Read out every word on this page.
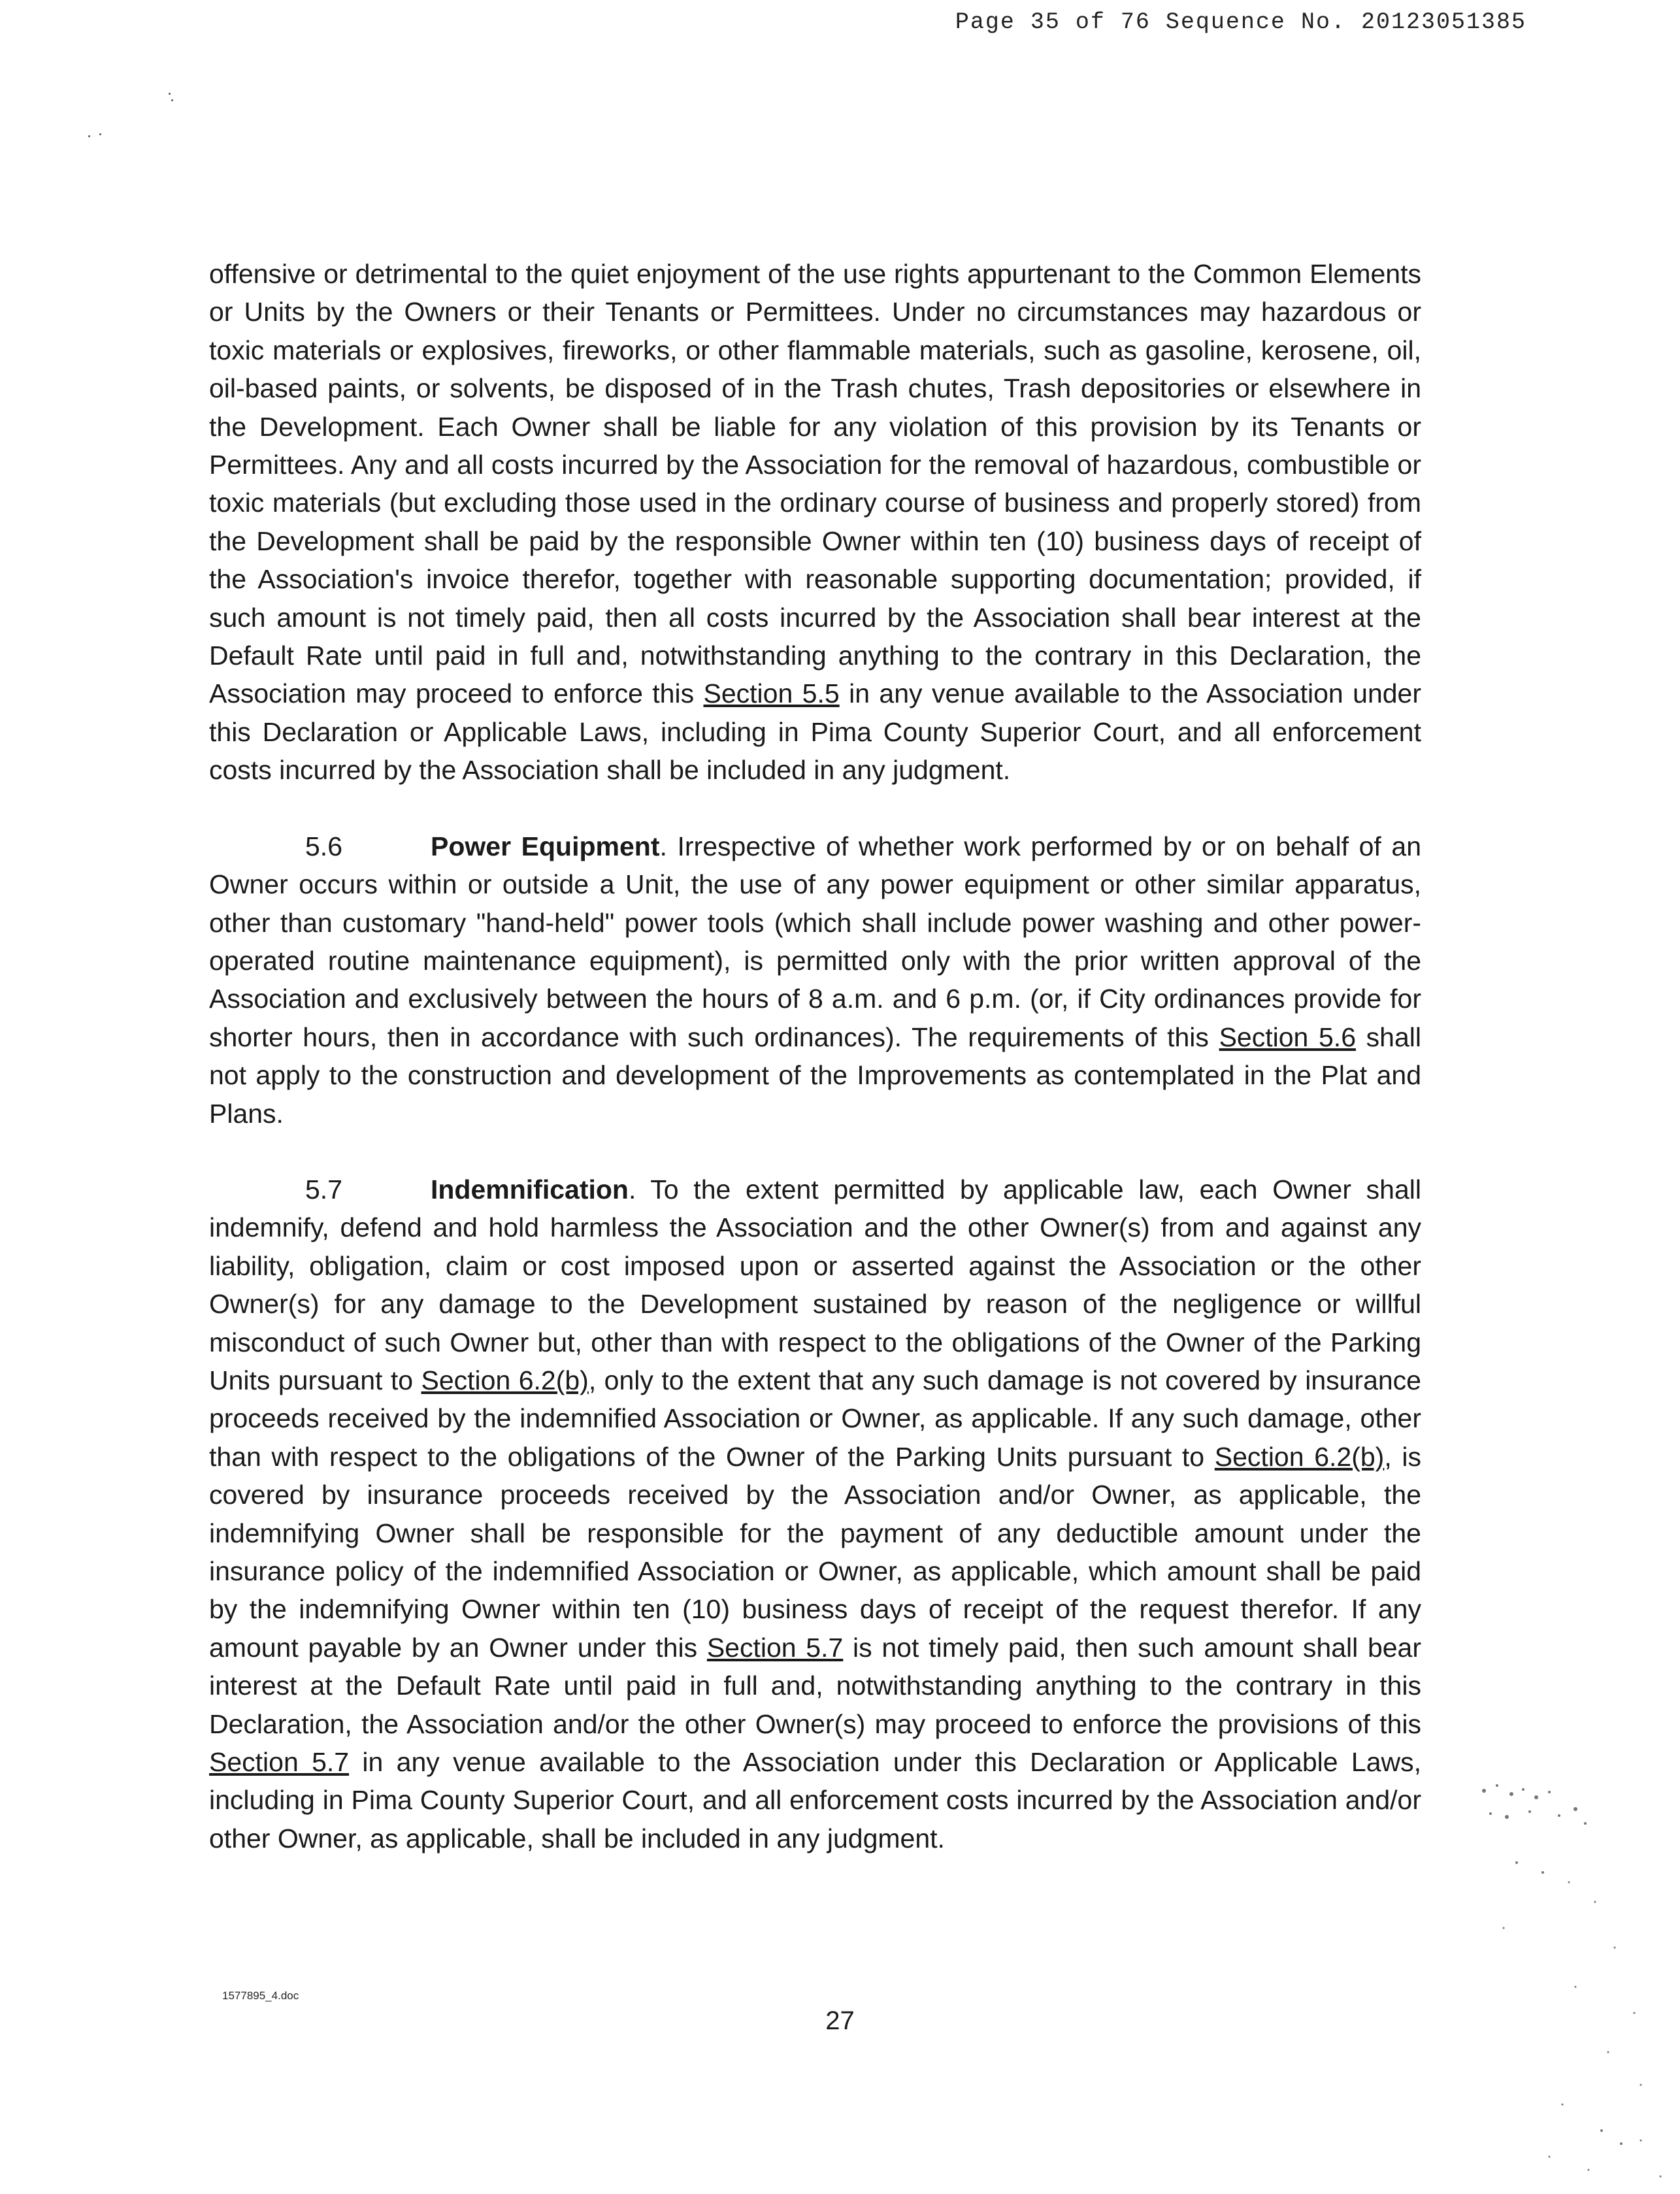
Page 35 of 76 Sequence No. 20123051385

offensive or detrimental to the quiet enjoyment of the use rights appurtenant to the Common Elements or Units by the Owners or their Tenants or Permittees. Under no circumstances may hazardous or toxic materials or explosives, fireworks, or other flammable materials, such as gasoline, kerosene, oil, oil-based paints, or solvents, be disposed of in the Trash chutes, Trash depositories or elsewhere in the Development. Each Owner shall be liable for any violation of this provision by its Tenants or Permittees. Any and all costs incurred by the Association for the removal of hazardous, combustible or toxic materials (but excluding those used in the ordinary course of business and properly stored) from the Development shall be paid by the responsible Owner within ten (10) business days of receipt of the Association's invoice therefor, together with reasonable supporting documentation; provided, if such amount is not timely paid, then all costs incurred by the Association shall bear interest at the Default Rate until paid in full and, notwithstanding anything to the contrary in this Declaration, the Association may proceed to enforce this Section 5.5 in any venue available to the Association under this Declaration or Applicable Laws, including in Pima County Superior Court, and all enforcement costs incurred by the Association shall be included in any judgment.

5.6	Power Equipment. Irrespective of whether work performed by or on behalf of an Owner occurs within or outside a Unit, the use of any power equipment or other similar apparatus, other than customary "hand-held" power tools (which shall include power washing and other power-operated routine maintenance equipment), is permitted only with the prior written approval of the Association and exclusively between the hours of 8 a.m. and 6 p.m. (or, if City ordinances provide for shorter hours, then in accordance with such ordinances). The requirements of this Section 5.6 shall not apply to the construction and development of the Improvements as contemplated in the Plat and Plans.

5.7	Indemnification. To the extent permitted by applicable law, each Owner shall indemnify, defend and hold harmless the Association and the other Owner(s) from and against any liability, obligation, claim or cost imposed upon or asserted against the Association or the other Owner(s) for any damage to the Development sustained by reason of the negligence or willful misconduct of such Owner but, other than with respect to the obligations of the Owner of the Parking Units pursuant to Section 6.2(b), only to the extent that any such damage is not covered by insurance proceeds received by the indemnified Association or Owner, as applicable. If any such damage, other than with respect to the obligations of the Owner of the Parking Units pursuant to Section 6.2(b), is covered by insurance proceeds received by the Association and/or Owner, as applicable, the indemnifying Owner shall be responsible for the payment of any deductible amount under the insurance policy of the indemnified Association or Owner, as applicable, which amount shall be paid by the indemnifying Owner within ten (10) business days of receipt of the request therefor. If any amount payable by an Owner under this Section 5.7 is not timely paid, then such amount shall bear interest at the Default Rate until paid in full and, notwithstanding anything to the contrary in this Declaration, the Association and/or the other Owner(s) may proceed to enforce the provisions of this Section 5.7 in any venue available to the Association under this Declaration or Applicable Laws, including in Pima County Superior Court, and all enforcement costs incurred by the Association and/or other Owner, as applicable, shall be included in any judgment.

1577895_4.doc
27
